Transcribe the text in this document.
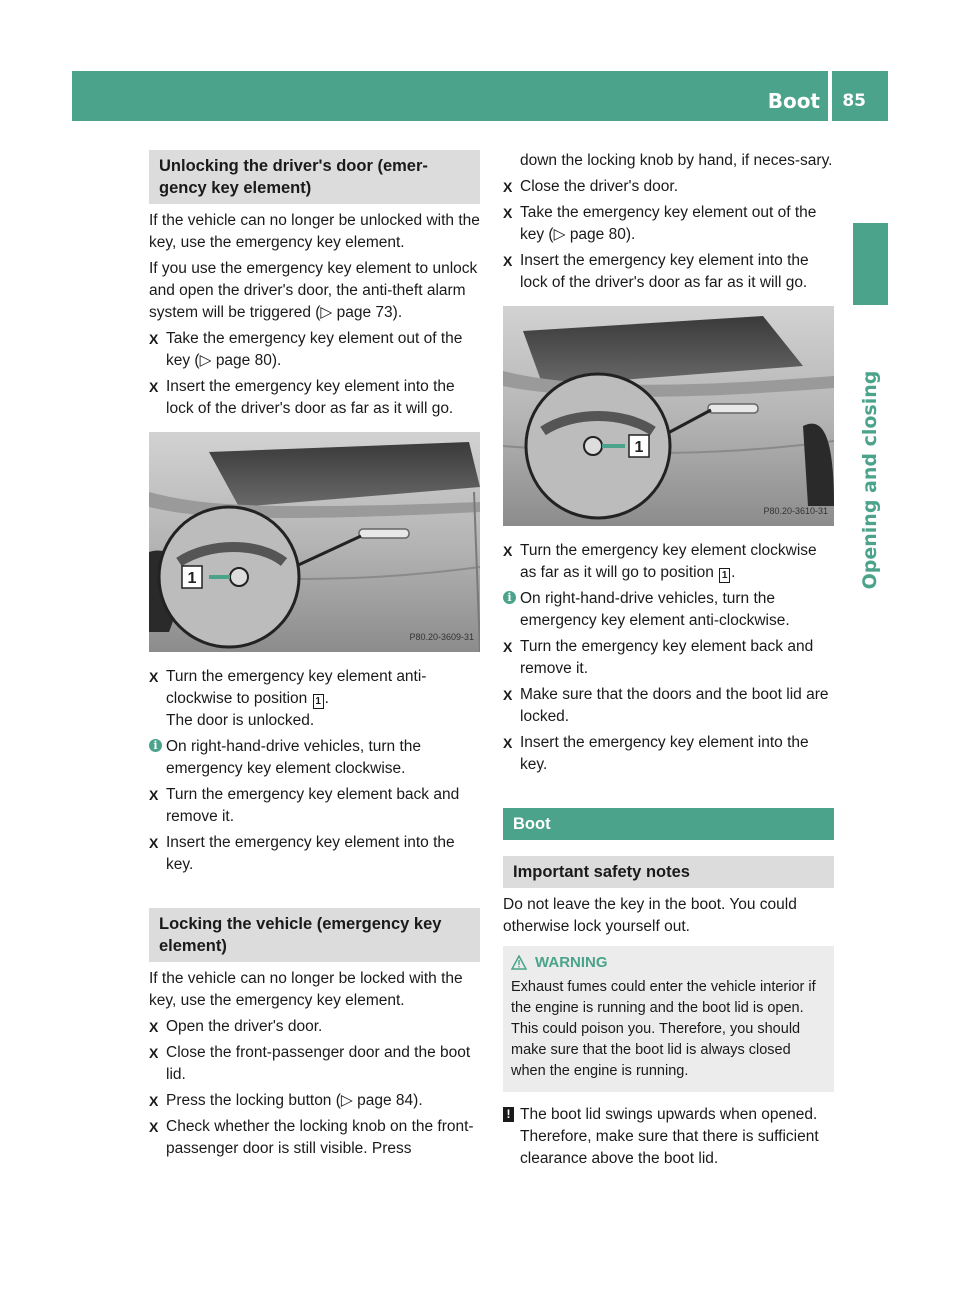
Boot 85
Opening and closing
Unlocking the driver's door (emer-gency key element)

If the vehicle can no longer be unlocked with the key, use the emergency key element.

If you use the emergency key element to unlock and open the driver's door, the anti-theft alarm system will be triggered (▷ page 73).

X Take the emergency key element out of the key (▷ page 80).
X Insert the emergency key element into the lock of the driver's door as far as it will go.
1
P80.20-3609-31
X Turn the emergency key element anti-clockwise to position 1 .
The door is unlocked.
i On right-hand-drive vehicles, turn the emergency key element clockwise.
X Turn the emergency key element back and remove it.
X Insert the emergency key element into the key.
Locking the vehicle (emergency key element)

If the vehicle can no longer be locked with the key, use the emergency key element.

X Open the driver's door.
X Close the front-passenger door and the boot lid.
X Press the locking button (▷ page 84).
X Check whether the locking knob on the front-passenger door is still visible. Press
down the locking knob by hand, if neces-sary.
X Close the driver's door.
X Take the emergency key element out of the key (▷ page 80).
X Insert the emergency key element into the lock of the driver's door as far as it will go.
1
P80.20-3610-31
X Turn the emergency key element clockwise as far as it will go to position 1 .
i On right-hand-drive vehicles, turn the emergency key element anti-clockwise.
X Turn the emergency key element back and remove it.
X Make sure that the doors and the boot lid are locked.
X Insert the emergency key element into the key.
Boot
Important safety notes

Do not leave the key in the boot. You could otherwise lock yourself out.

WARNING
Exhaust fumes could enter the vehicle interior if the engine is running and the boot lid is open. This could poison you. Therefore, you should make sure that the boot lid is always closed when the engine is running.
! The boot lid swings upwards when opened. Therefore, make sure that there is sufficient clearance above the boot lid.
